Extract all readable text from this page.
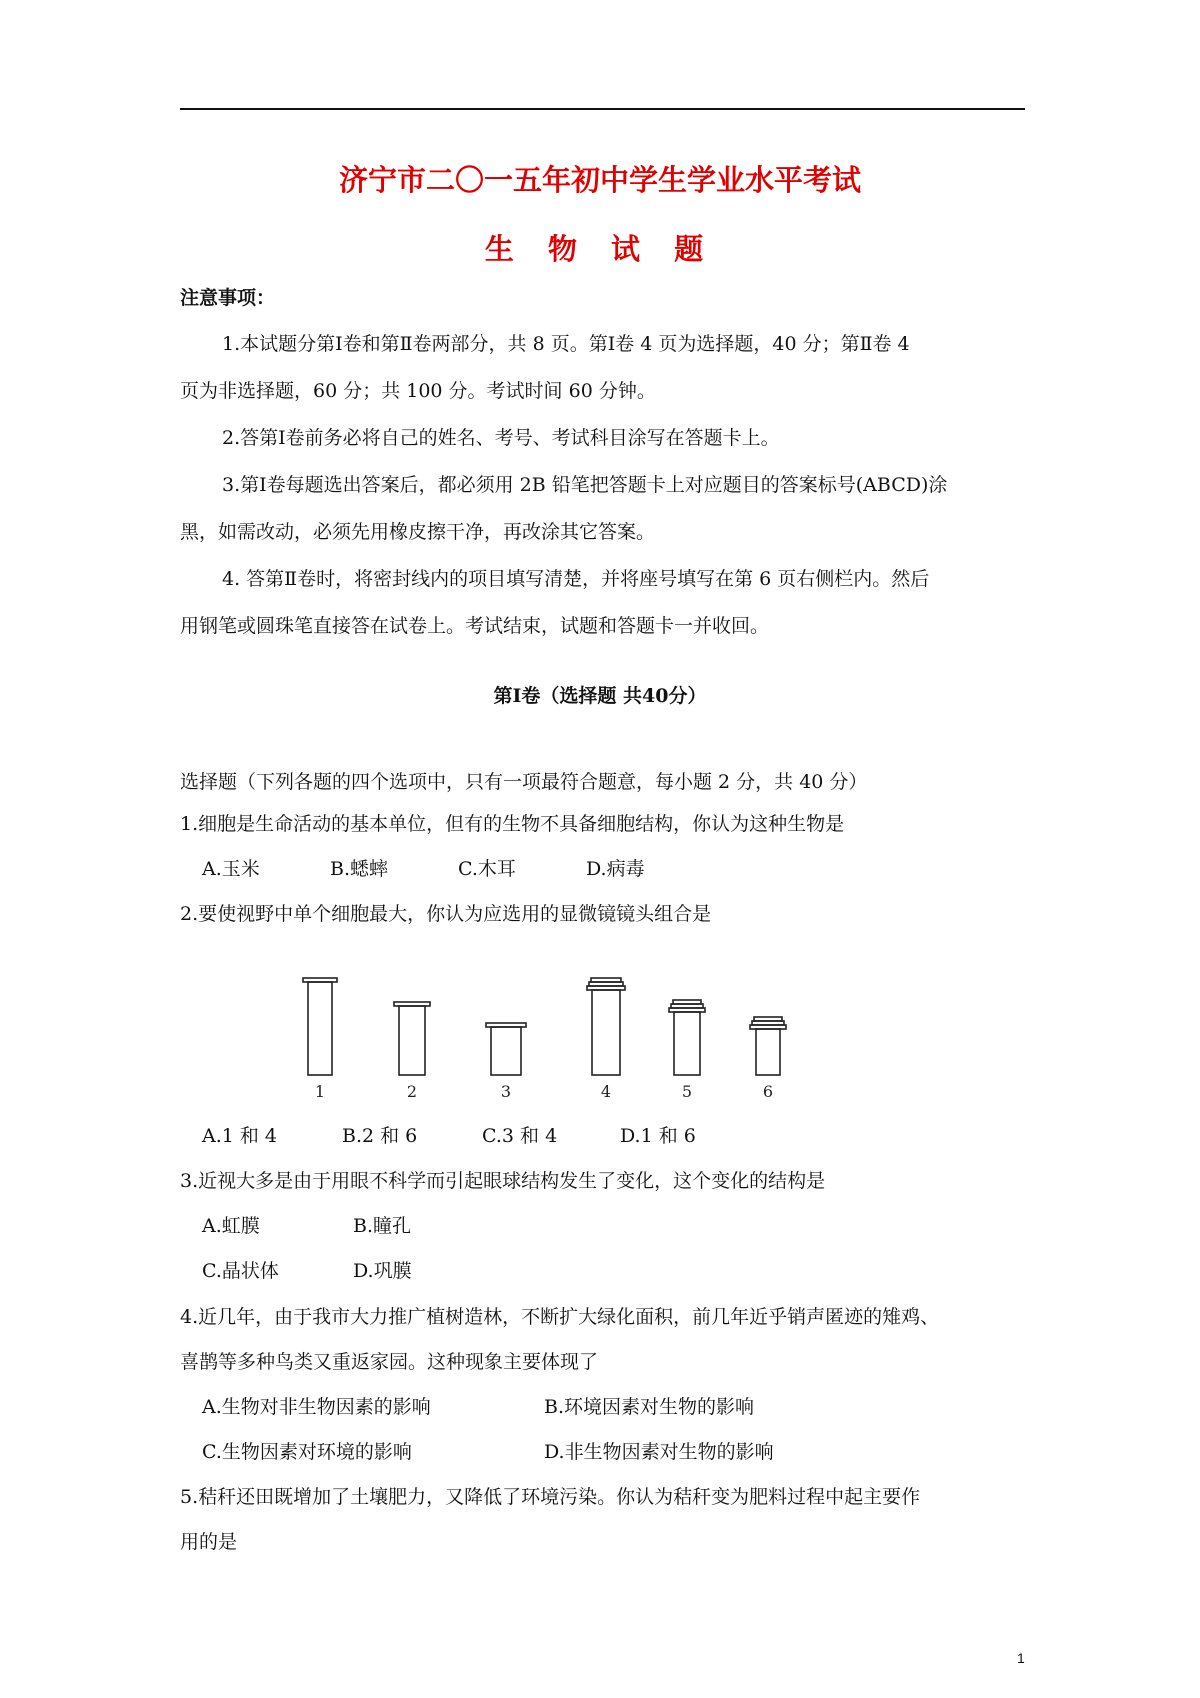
济宁市二〇一五年初中学生学业水平考试
生 物 试 题
注意事项：
1.本试题分第Ⅰ卷和第Ⅱ卷两部分，共 8 页。第Ⅰ卷 4 页为选择题，40 分；第Ⅱ卷 4
页为非选择题，60 分；共 100 分。考试时间 60 分钟。
2.答第Ⅰ卷前务必将自己的姓名、考号、考试科目涂写在答题卡上。
3.第Ⅰ卷每题选出答案后，都必须用 2B 铅笔把答题卡上对应题目的答案标号(ABCD)涂
黑，如需改动，必须先用橡皮擦干净，再改涂其它答案。
4. 答第Ⅱ卷时，将密封线内的项目填写清楚，并将座号填写在第 6 页右侧栏内。然后
用钢笔或圆珠笔直接答在试卷上。考试结束，试题和答题卡一并收回。
第Ⅰ卷（选择题 共40分）
选择题（下列各题的四个选项中，只有一项最符合题意，每小题 2 分，共 40 分）
1.细胞是生命活动的基本单位，但有的生物不具备细胞结构，你认为这种生物是
A.玉米	B.蟋蟀	C.木耳	D.病毒
2.要使视野中单个细胞最大，你认为应选用的显微镜镜头组合是
1	2	3	4	5	6
A.1 和 4	B.2 和 6	C.3 和 4	D.1 和 6
3.近视大多是由于用眼不科学而引起眼球结构发生了变化，这个变化的结构是
A.虹膜	B.瞳孔
C.晶状体	D.巩膜
4.近几年，由于我市大力推广植树造林，不断扩大绿化面积，前几年近乎销声匿迹的雉鸡、
喜鹊等多种鸟类又重返家园。这种现象主要体现了
A.生物对非生物因素的影响	B.环境因素对生物的影响
C.生物因素对环境的影响	D.非生物因素对生物的影响
5.秸秆还田既增加了土壤肥力，又降低了环境污染。你认为秸秆变为肥料过程中起主要作
用的是
1
